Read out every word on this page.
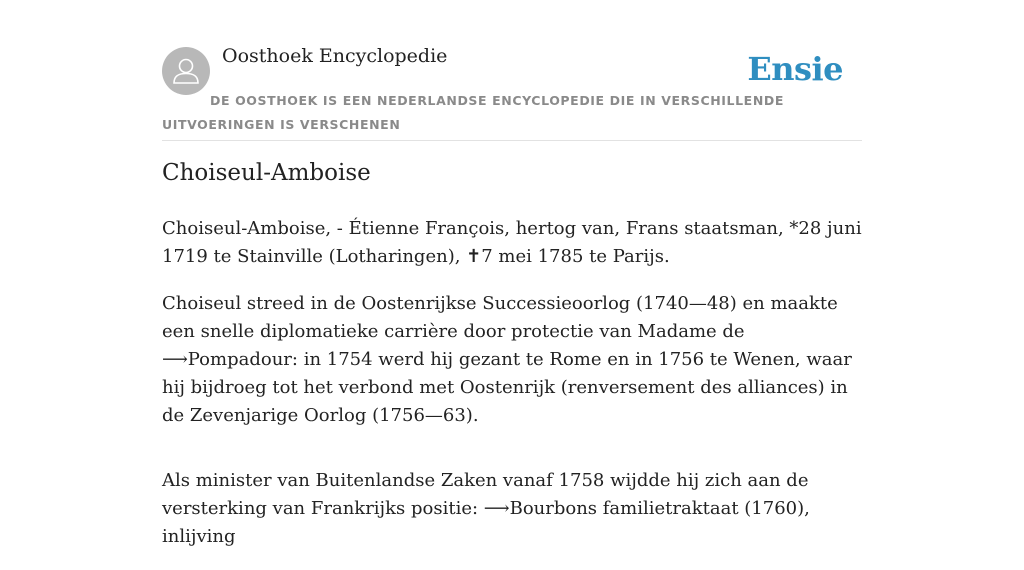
Oosthoek Encyclopedie	Ensie
DE OOSTHOEK IS EEN NEDERLANDSE ENCYCLOPEDIE DIE IN VERSCHILLENDE UITVOERINGEN IS VERSCHENEN
Choiseul-Amboise

Choiseul-Amboise, - Étienne François, hertog van, Frans staatsman, *28 juni 1719 te Stainville (Lotharingen), ✝7 mei 1785 te Parijs.

Choiseul streed in de Oostenrijkse Successieoorlog (1740—48) en maakte een snelle diplomatieke carrière door protectie van Madame de ⟶Pompadour: in 1754 werd hij gezant te Rome en in 1756 te Wenen, waar hij bijdroeg tot het verbond met Oostenrijk (renversement des alliances) in de Zevenjarige Oorlog (1756—63).

Als minister van Buitenlandse Zaken vanaf 1758 wijdde hij zich aan de versterking van Frankrijks positie: ⟶Bourbons familietraktaat (1760), inlijving
